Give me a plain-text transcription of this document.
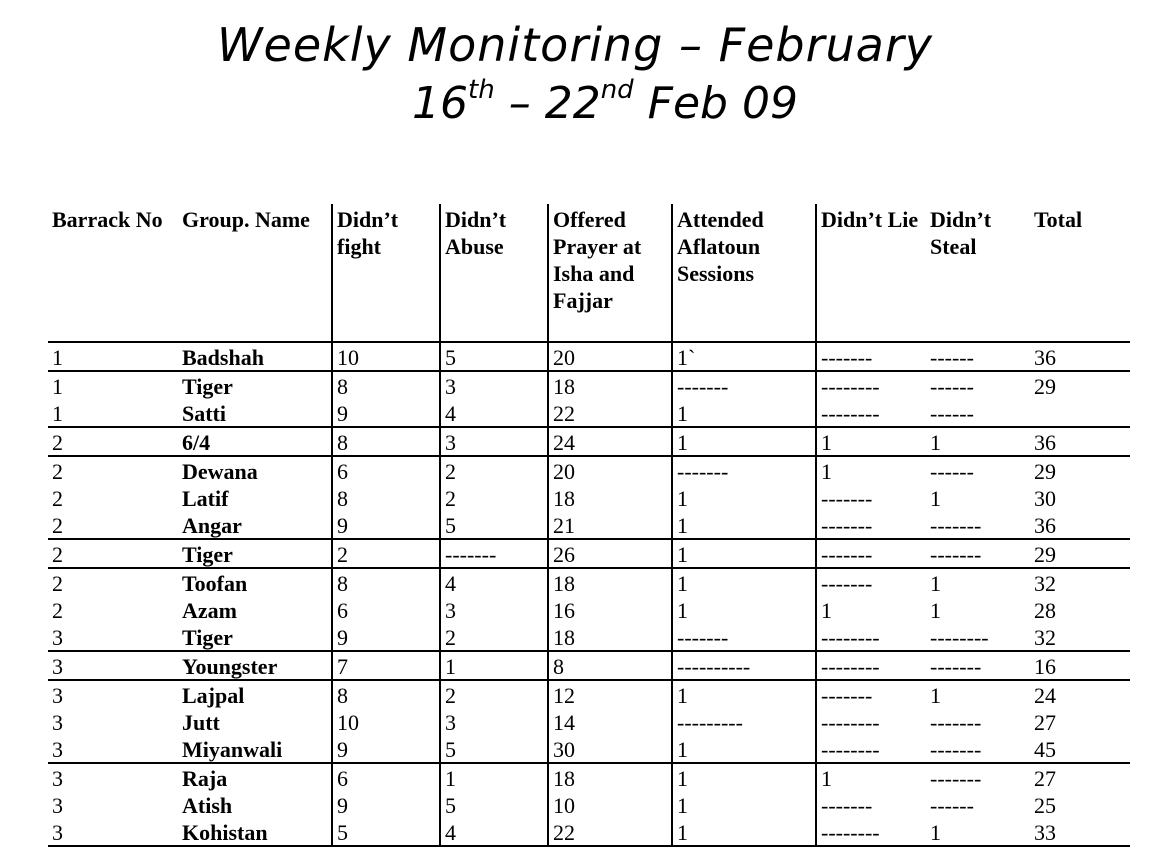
Weekly Monitoring – February
16th – 22nd Feb 09
Barrack No	Group. Name	Didn’t fight	Didn’t Abuse	Offered Prayer at Isha and Fajjar	Attended Aflatoun Sessions	Didn’t Lie	Didn’t Steal	Total
1	Badshah	10	5	20	1`	-------	------	36
1	Tiger	8	3	18	-------	--------	------	29
1	Satti	9	4	22	1	--------	------	
2	6/4	8	3	24	1	1	1	36
2	Dewana	6	2	20	-------	1	------	29
2	Latif	8	2	18	1	-------	1	30
2	Angar	9	5	21	1	-------	-------	36
2	Tiger	2	-------	26	1	-------	-------	29
2	Toofan	8	4	18	1	-------	1	32
2	Azam	6	3	16	1	1	1	28
3	Tiger	9	2	18	-------	--------	--------	32
3	Youngster	7	1	8	----------	--------	-------	16
3	Lajpal	8	2	12	1	-------	1	24
3	Jutt	10	3	14	---------	--------	-------	27
3	Miyanwali	9	5	30	1	--------	-------	45
3	Raja	6	1	18	1	1	-------	27
3	Atish	9	5	10	1	-------	------	25
3	Kohistan	5	4	22	1	--------	1	33
